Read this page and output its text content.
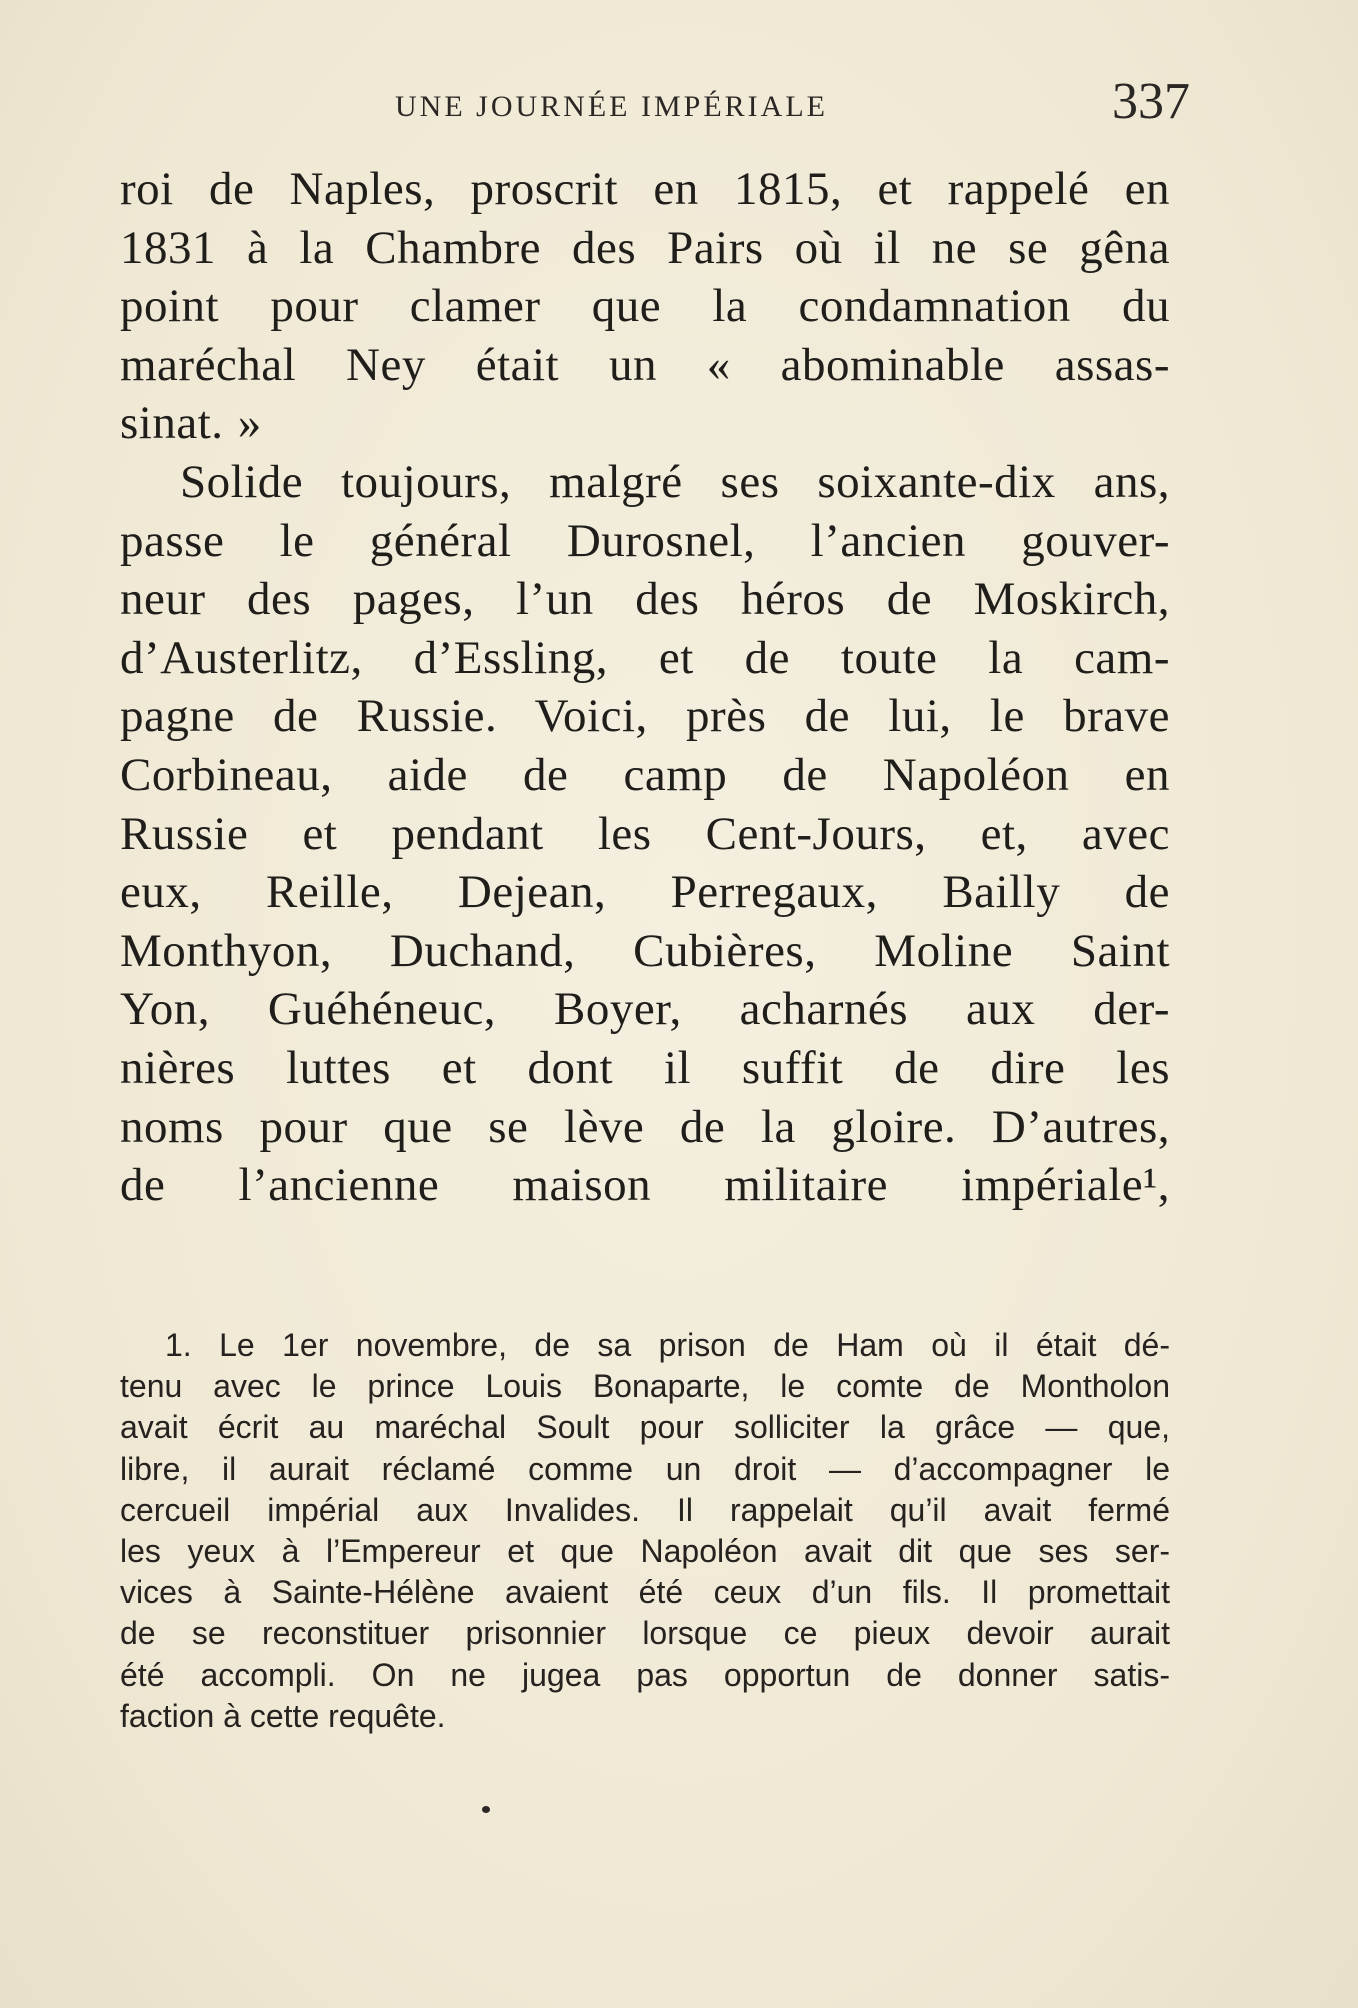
UNE JOURNÉE IMPÉRIALE	337
roi de Naples, proscrit en 1815, et rappelé en
1831 à la Chambre des Pairs où il ne se gêna
point pour clamer que la condamnation du
maréchal Ney était un « abominable assas-
sinat. »
Solide toujours, malgré ses soixante-dix ans,
passe le général Durosnel, l’ancien gouver-
neur des pages, l’un des héros de Moskirch,
d’Austerlitz, d’Essling, et de toute la cam-
pagne de Russie. Voici, près de lui, le brave
Corbineau, aide de camp de Napoléon en
Russie et pendant les Cent-Jours, et, avec
eux, Reille, Dejean, Perregaux, Bailly de
Monthyon, Duchand, Cubières, Moline Saint
Yon, Guéhéneuc, Boyer, acharnés aux der-
nières luttes et dont il suffit de dire les
noms pour que se lève de la gloire. D’autres,
de l’ancienne maison militaire impériale¹,
1. Le 1er novembre, de sa prison de Ham où il était dé-
tenu avec le prince Louis Bonaparte, le comte de Montholon
avait écrit au maréchal Soult pour solliciter la grâce — que,
libre, il aurait réclamé comme un droit — d’accompagner le
cercueil impérial aux Invalides. Il rappelait qu’il avait fermé
les yeux à l’Empereur et que Napoléon avait dit que ses ser-
vices à Sainte-Hélène avaient été ceux d’un fils. Il promettait
de se reconstituer prisonnier lorsque ce pieux devoir aurait
été accompli. On ne jugea pas opportun de donner satis-
faction à cette requête.
